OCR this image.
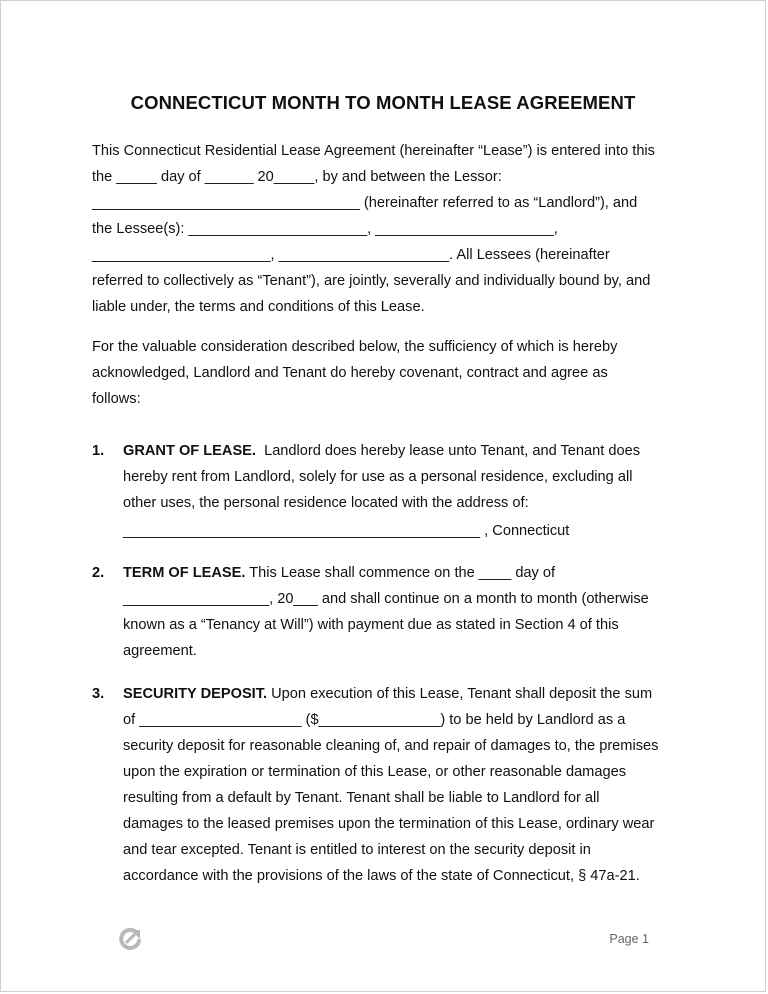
CONNECTICUT MONTH TO MONTH LEASE AGREEMENT
This Connecticut Residential Lease Agreement (hereinafter “Lease”) is entered into this
the _____ day of ______ 20_____, by and between the Lessor:
_________________________________ (hereinafter referred to as “Landlord”), and
the Lessee(s): ______________________, ______________________,
______________________, _____________________. All Lessees (hereinafter
referred to collectively as “Tenant”), are jointly, severally and individually bound by, and
liable under, the terms and conditions of this Lease.
For the valuable consideration described below, the sufficiency of which is hereby
acknowledged, Landlord and Tenant do hereby covenant, contract and agree as
follows:
1. GRANT OF LEASE.  Landlord does hereby lease unto Tenant, and Tenant does
hereby rent from Landlord, solely for use as a personal residence, excluding all
other uses, the personal residence located with the address of:
____________________________________________ , Connecticut
2. TERM OF LEASE. This Lease shall commence on the ____ day of
__________________, 20___ and shall continue on a month to month (otherwise
known as a “Tenancy at Will”) with payment due as stated in Section 4 of this
agreement.
3. SECURITY DEPOSIT. Upon execution of this Lease, Tenant shall deposit the sum
of ____________________ ($_______________) to be held by Landlord as a
security deposit for reasonable cleaning of, and repair of damages to, the premises
upon the expiration or termination of this Lease, or other reasonable damages
resulting from a default by Tenant. Tenant shall be liable to Landlord for all
damages to the leased premises upon the termination of this Lease, ordinary wear
and tear excepted. Tenant is entitled to interest on the security deposit in
accordance with the provisions of the laws of the state of Connecticut, § 47a-21.
Page 1
